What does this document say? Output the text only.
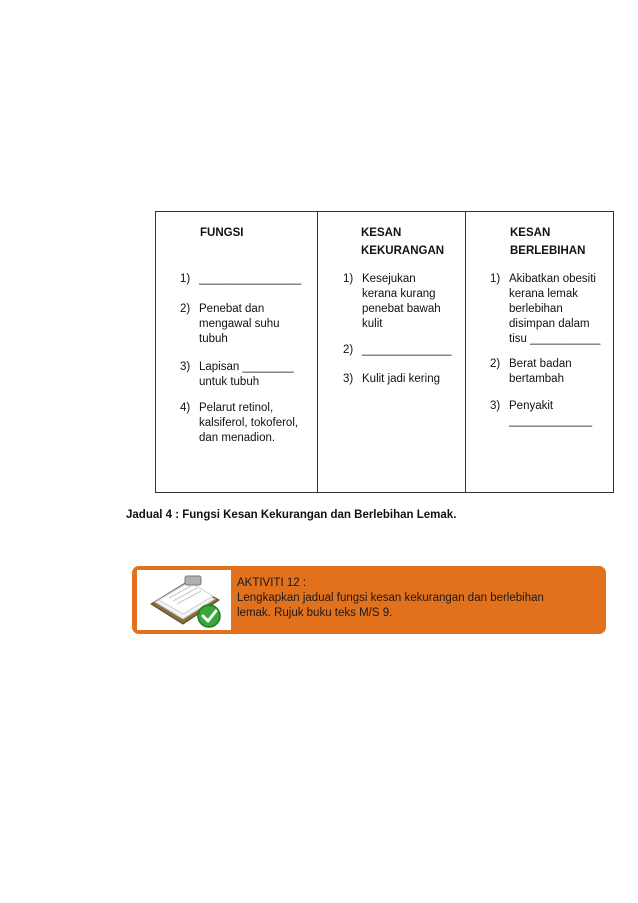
FUNGSI
1) ________________
2) Penebat dan
mengawal suhu
tubuh
3) Lapisan ________
untuk tubuh
4) Pelarut retinol,
kalsiferol, tokoferol,
dan menadion.
KESAN
KEKURANGAN
1) Kesejukan
kerana kurang
penebat bawah
kulit
2) ______________
3) Kulit jadi kering
KESAN
BERLEBIHAN
1) Akibatkan obesiti
kerana lemak
berlebihan
disimpan dalam
tisu ___________
2) Berat badan
bertambah
3) Penyakit
_____________
Jadual 4 : Fungsi Kesan Kekurangan dan Berlebihan Lemak.
AKTIVITI 12 :
Lengkapkan jadual fungsi kesan kekurangan dan berlebihan
lemak. Rujuk buku teks M/S 9.
